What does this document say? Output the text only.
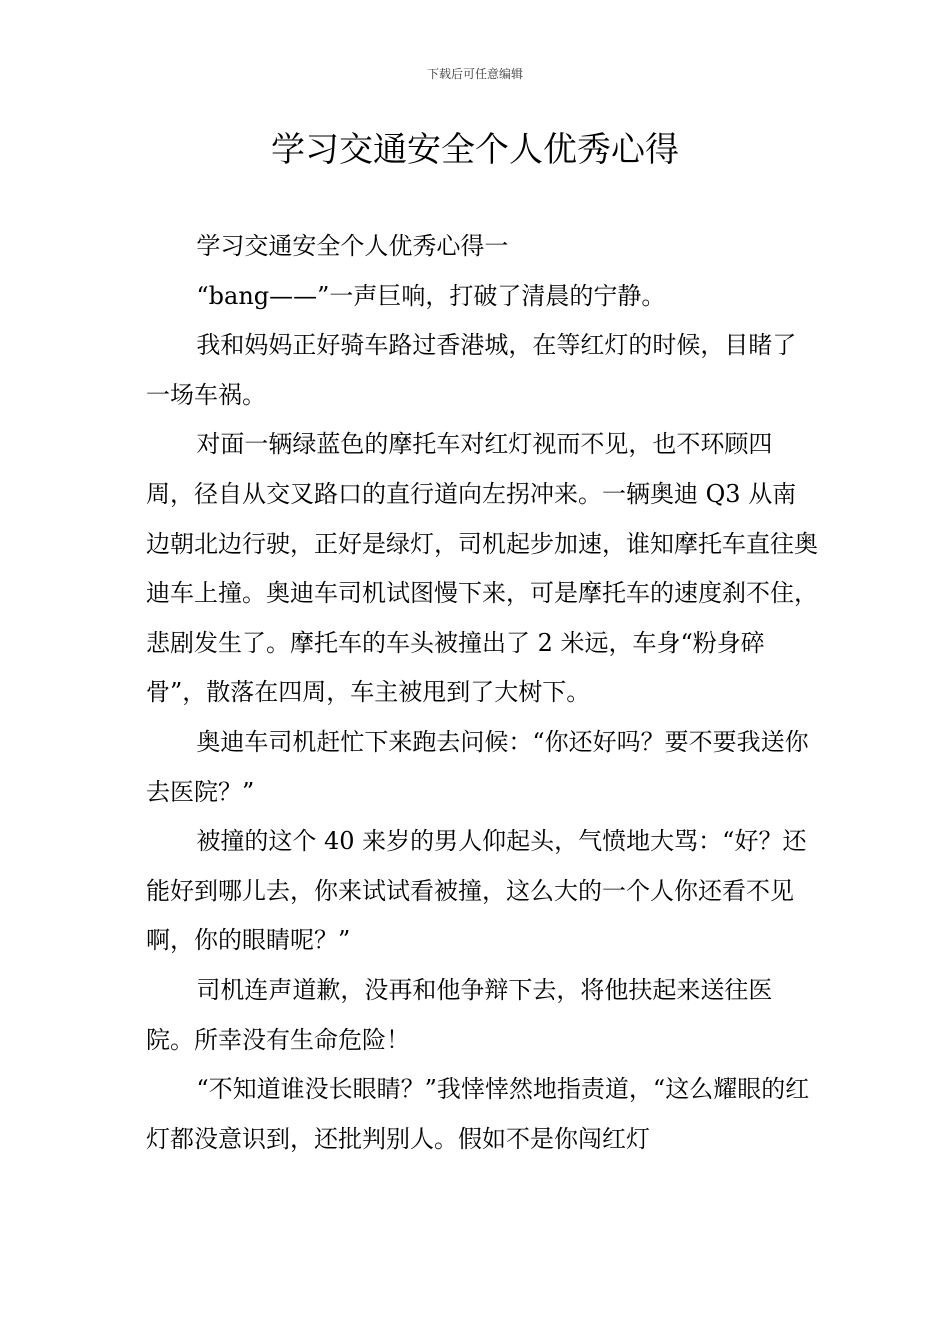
下载后可任意编辑
学习交通安全个人优秀心得

学习交通安全个人优秀心得一

“bang——”一声巨响，打破了清晨的宁静。

我和妈妈正好骑车路过香港城，在等红灯的时候，目睹了一场车祸。

对面一辆绿蓝色的摩托车对红灯视而不见，也不环顾四周，径自从交叉路口的直行道向左拐冲来。一辆奥迪 Q3 从南边朝北边行驶，正好是绿灯，司机起步加速，谁知摩托车直往奥迪车上撞。奥迪车司机试图慢下来，可是摩托车的速度刹不住，悲剧发生了。摩托车的车头被撞出了 2 米远，车身“粉身碎骨”，散落在四周，车主被甩到了大树下。

奥迪车司机赶忙下来跑去问候：“你还好吗？要不要我送你去医院？”

被撞的这个 40 来岁的男人仰起头，气愤地大骂：“好？还能好到哪儿去，你来试试看被撞，这么大的一个人你还看不见啊，你的眼睛呢？”

司机连声道歉，没再和他争辩下去，将他扶起来送往医院。所幸没有生命危险！

“不知道谁没长眼睛？”我悻悻然地指责道，“这么耀眼的红灯都没意识到，还批判别人。假如不是你闯红灯
